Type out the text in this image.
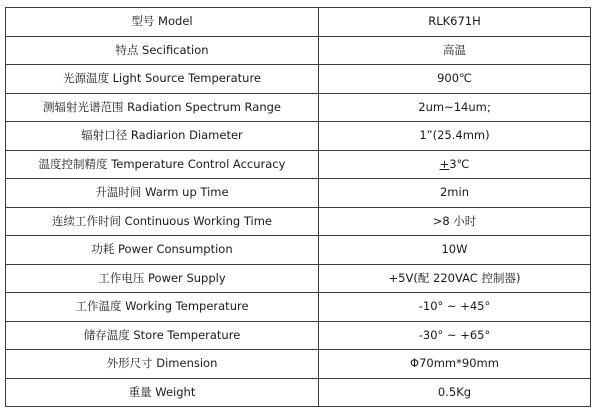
型号 Model	RLK671H
特点 Secification	高温
光源温度 Light Source Temperature	900℃
测辐射光谱范围 Radiation Spectrum Range	2um~14um;
辐射口径 Radiarion Diameter	1”(25.4mm)
温度控制精度 Temperature Control Accuracy	+3℃
升温时间 Warm up Time	2min
连续工作时间 Continuous Working Time	>8 小时
功耗 Power Consumption	10W
工作电压 Power Supply	+5V(配 220VAC 控制器)
工作温度 Working Temperature	-10° ~ +45°
储存温度 Store Temperature	-30° ~ +65°
外形尺寸 Dimension	Φ70mm*90mm
重量 Weight	0.5Kg
